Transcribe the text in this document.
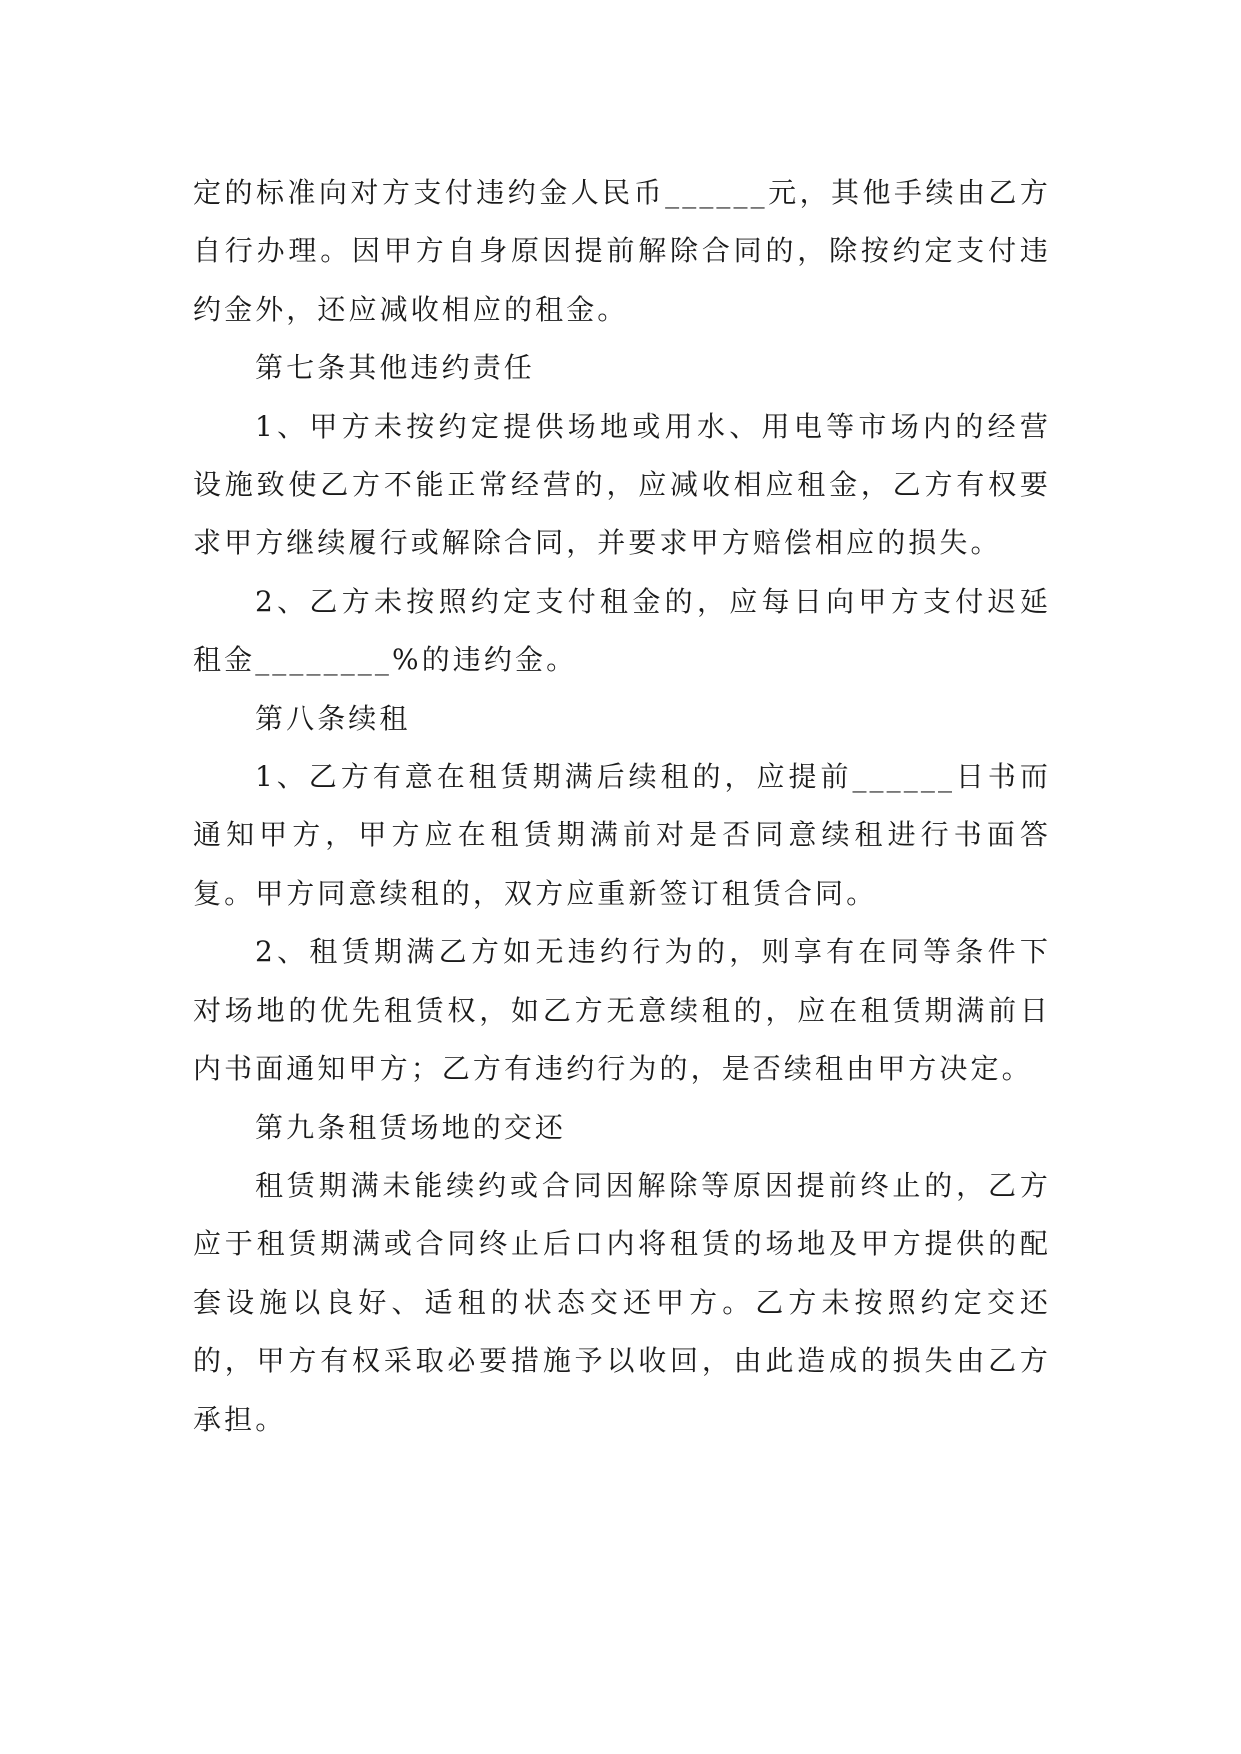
定的标准向对方支付违约金人民币______元，其他手续由乙方自行办理。因甲方自身原因提前解除合同的，除按约定支付违约金外，还应减收相应的租金。

第七条其他违约责任

1、甲方未按约定提供场地或用水、用电等市场内的经营设施致使乙方不能正常经营的，应减收相应租金，乙方有权要求甲方继续履行或解除合同，并要求甲方赔偿相应的损失。

2、乙方未按照约定支付租金的，应每日向甲方支付迟延租金________%的违约金。

第八条续租

1、乙方有意在租赁期满后续租的，应提前______日书而通知甲方，甲方应在租赁期满前对是否同意续租进行书面答复。甲方同意续租的，双方应重新签订租赁合同。

2、租赁期满乙方如无违约行为的，则享有在同等条件下对场地的优先租赁权，如乙方无意续租的，应在租赁期满前日内书面通知甲方；乙方有违约行为的，是否续租由甲方决定。

第九条租赁场地的交还

租赁期满未能续约或合同因解除等原因提前终止的，乙方应于租赁期满或合同终止后口内将租赁的场地及甲方提供的配套设施以良好、适租的状态交还甲方。乙方未按照约定交还的，甲方有权采取必要措施予以收回，由此造成的损失由乙方承担。
